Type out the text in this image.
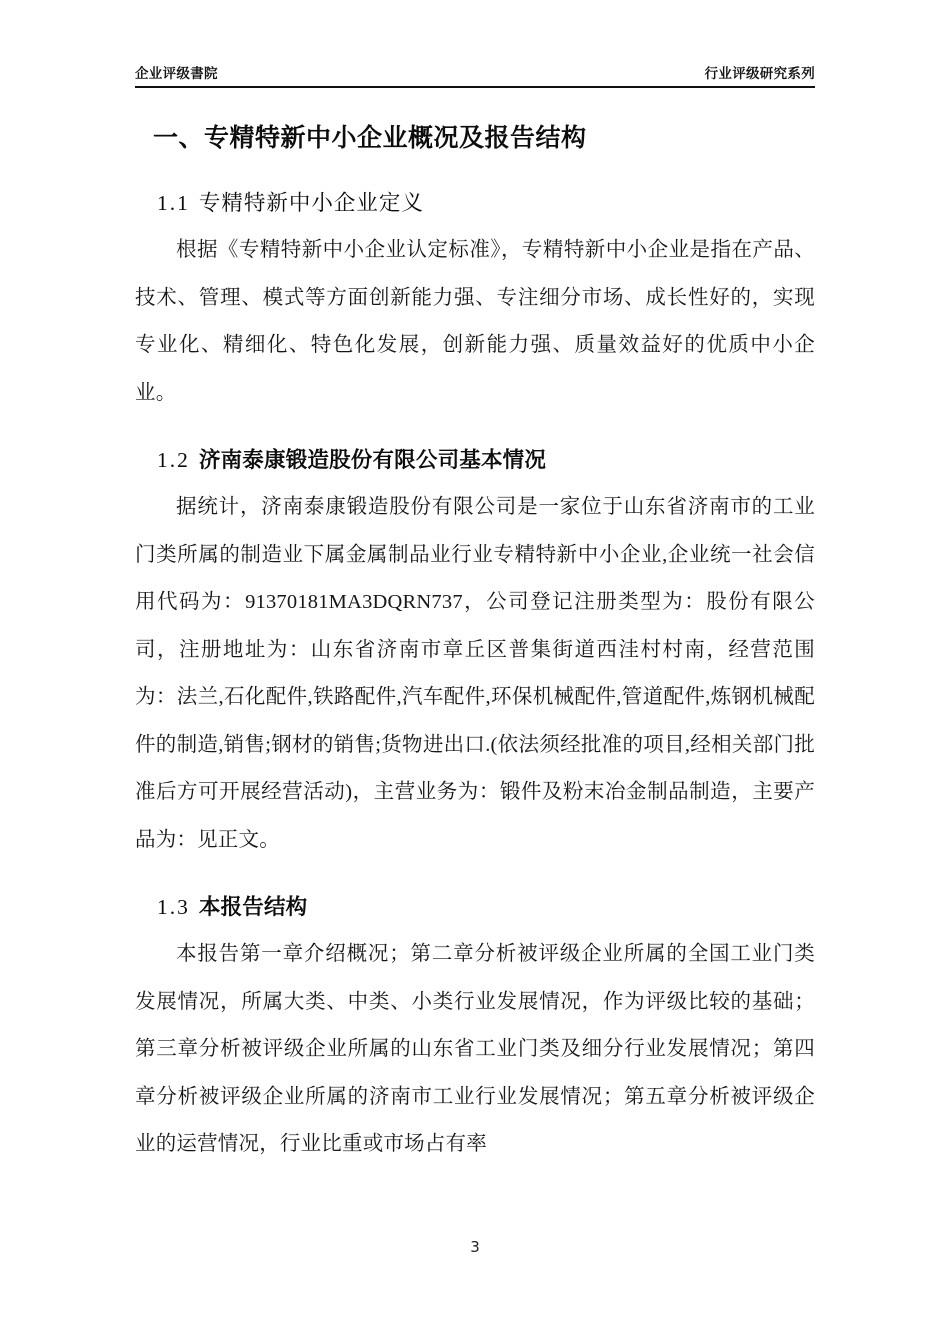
企业评级書院	行业评级研究系列
一、专精特新中小企业概况及报告结构
1.1 专精特新中小企业定义

根据《专精特新中小企业认定标准》，专精特新中小企业是指在产品、技术、管理、模式等方面创新能力强、专注细分市场、成长性好的，实现专业化、精细化、特色化发展，创新能力强、质量效益好的优质中小企业。

1.2 济南泰康锻造股份有限公司基本情况

据统计，济南泰康锻造股份有限公司是一家位于山东省济南市的工业门类所属的制造业下属金属制品业行业专精特新中小企业,企业统一社会信用代码为：91370181MA3DQRN737，公司登记注册类型为：股份有限公司，注册地址为：山东省济南市章丘区普集街道西洼村村南，经营范围为：法兰,石化配件,铁路配件,汽车配件,环保机械配件,管道配件,炼钢机械配件的制造,销售;钢材的销售;货物进出口.(依法须经批准的项目,经相关部门批准后方可开展经营活动)，主营业务为：锻件及粉末冶金制品制造，主要产品为：见正文。

1.3 本报告结构

本报告第一章介绍概况；第二章分析被评级企业所属的全国工业门类发展情况，所属大类、中类、小类行业发展情况，作为评级比较的基础；第三章分析被评级企业所属的山东省工业门类及细分行业发展情况；第四章分析被评级企业所属的济南市工业行业发展情况；第五章分析被评级企业的运营情况，行业比重或市场占有率

3
